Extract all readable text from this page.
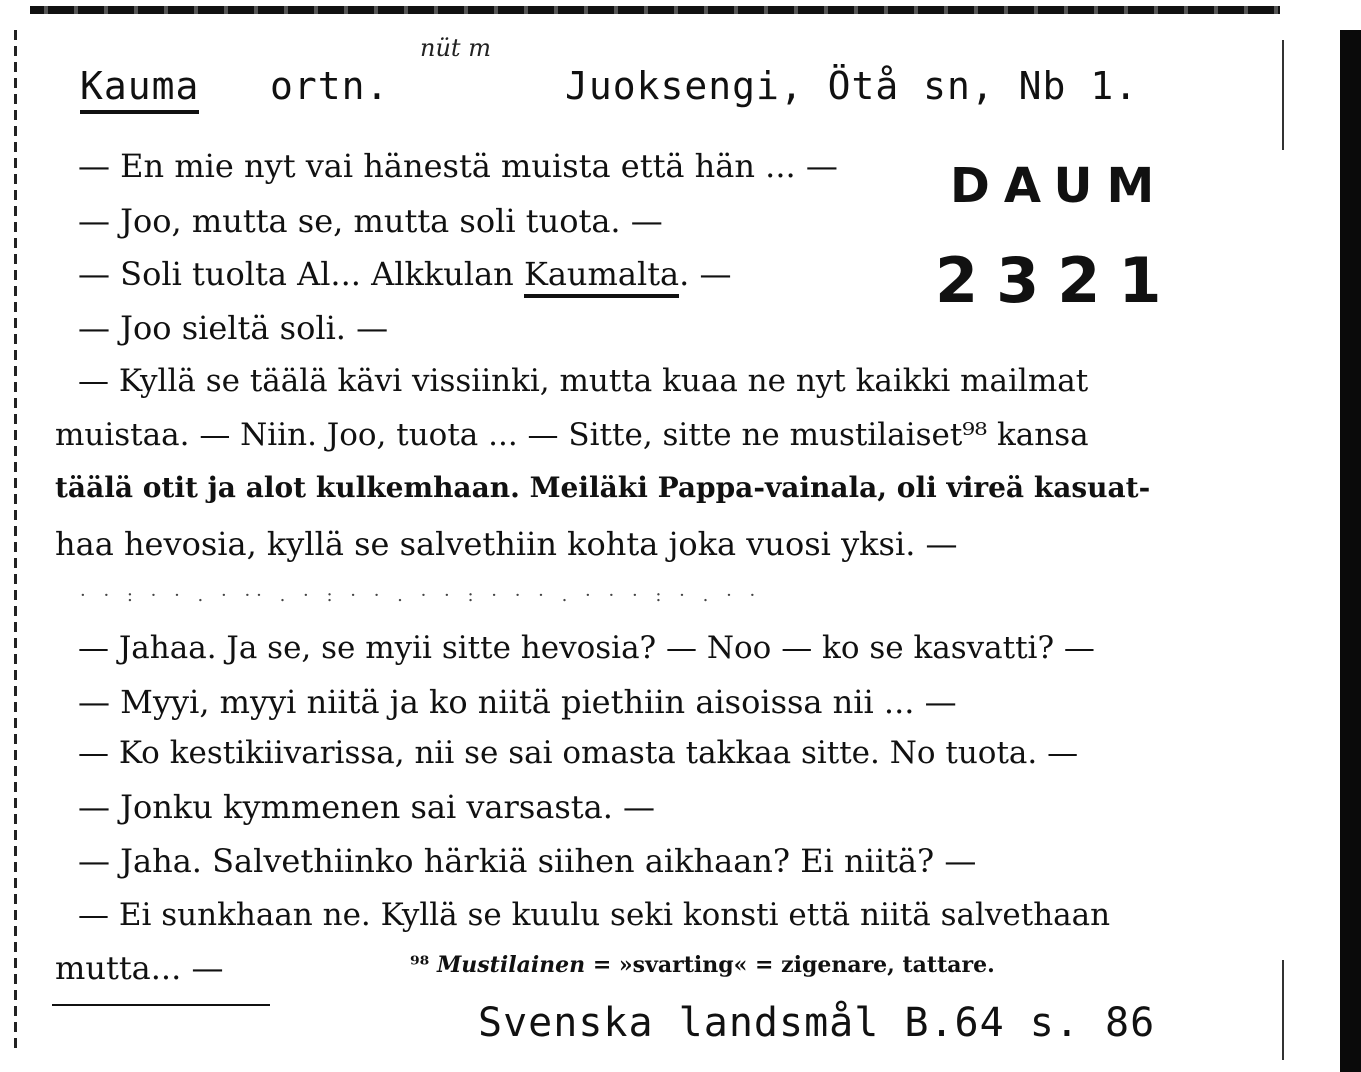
nüt m
Kauma ortn.	Juoksengi, Ötå sn, Nb 1.
DAUM
2321
— En mie nyt vai hänestä muista että hän ... —
— Joo, mutta se, mutta soli tuota. —
— Soli tuolta Al... Alkkulan Kaumalta. —
— Joo sieltä soli. —
— Kyllä se täälä kävi vissiinki, mutta kuaa ne nyt kaikki mailmat
muistaa. — Niin. Joo, tuota ... — Sitte, sitte ne mustilaiset⁹⁸ kansa
täälä otit ja alot kulkemhaan. Meiläki Pappa-vainala, oli vireä kasuat-
haa hevosia, kyllä se salvethiin kohta joka vuosi yksi. —
· · : · · . · ·· . · : · · . · · : · · · . · · · : · . · ·
— Jahaa. Ja se, se myii sitte hevosia? — Noo — ko se kasvatti? —
— Myyi, myyi niitä ja ko niitä piethiin aisoissa nii ... —
— Ko kestikiivarissa, nii se sai omasta takkaa sitte. No tuota. —
— Jonku kymmenen sai varsasta. —
— Jaha. Salvethiinko härkiä siihen aikhaan? Ei niitä? —
— Ei sunkhaan ne. Kyllä se kuulu seki konsti että niitä salvethaan
mutta... —	⁹⁸ Mustilainen = »svarting« = zigenare, tattare.
Svenska landsmål B.64 s. 86
